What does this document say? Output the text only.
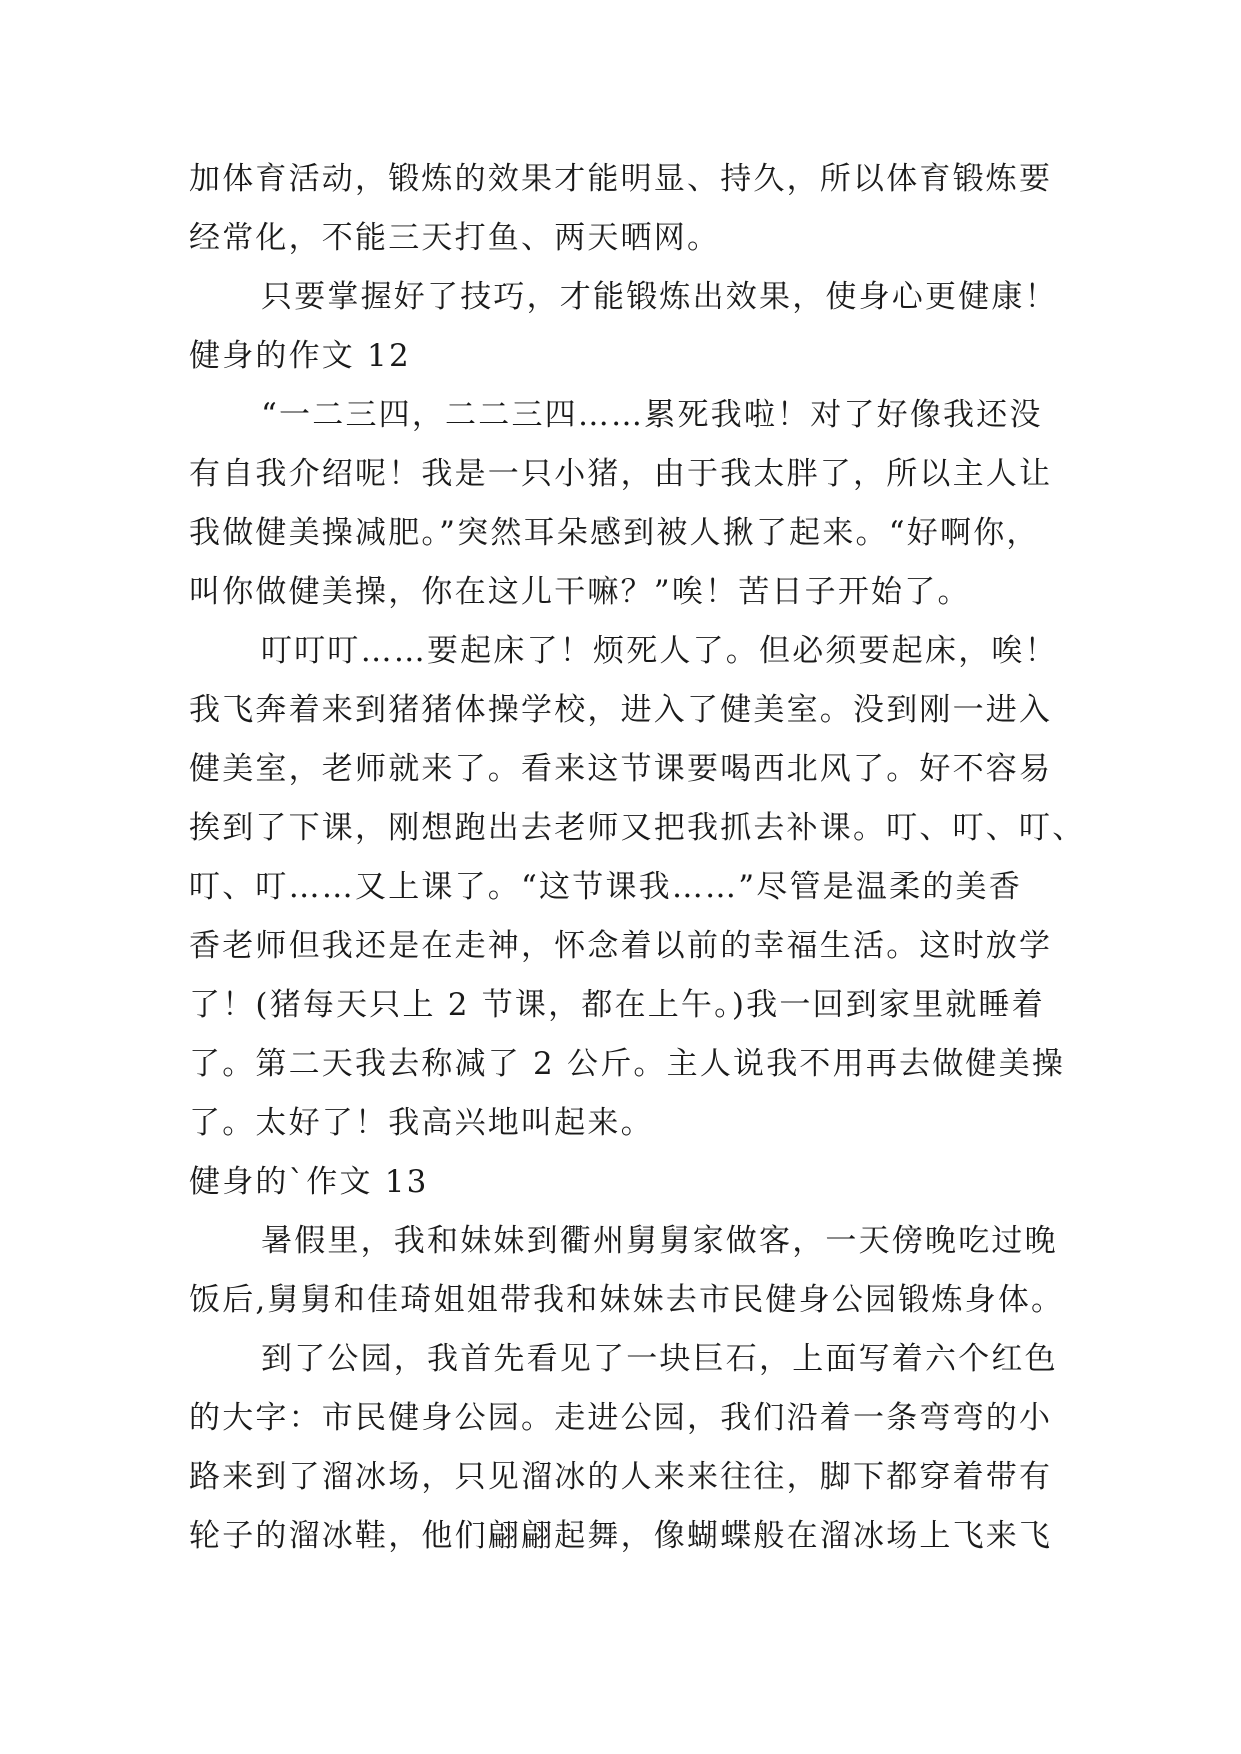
加体育活动，锻炼的效果才能明显、持久，所以体育锻炼要
经常化，不能三天打鱼、两天晒网。
只要掌握好了技巧，才能锻炼出效果，使身心更健康！
健身的作文 12
“一二三四，二二三四……累死我啦！对了好像我还没
有自我介绍呢！我是一只小猪，由于我太胖了，所以主人让
我做健美操减肥。”突然耳朵感到被人揪了起来。“好啊你，
叫你做健美操，你在这儿干嘛？”唉！苦日子开始了。
叮叮叮……要起床了！烦死人了。但必须要起床，唉！
我飞奔着来到猪猪体操学校，进入了健美室。没到刚一进入
健美室，老师就来了。看来这节课要喝西北风了。好不容易
挨到了下课，刚想跑出去老师又把我抓去补课。叮、叮、叮、
叮、叮……又上课了。“这节课我……”尽管是温柔的美香
香老师但我还是在走神，怀念着以前的幸福生活。这时放学
了！(猪每天只上 2 节课，都在上午。)我一回到家里就睡着
了。第二天我去称减了 2 公斤。主人说我不用再去做健美操
了。太好了！我高兴地叫起来。
健身的`作文 13
暑假里，我和妹妹到衢州舅舅家做客，一天傍晚吃过晚
饭后,舅舅和佳琦姐姐带我和妹妹去市民健身公园锻炼身体。
到了公园，我首先看见了一块巨石，上面写着六个红色
的大字：市民健身公园。走进公园，我们沿着一条弯弯的小
路来到了溜冰场，只见溜冰的人来来往往，脚下都穿着带有
轮子的溜冰鞋，他们翩翩起舞，像蝴蝶般在溜冰场上飞来飞
